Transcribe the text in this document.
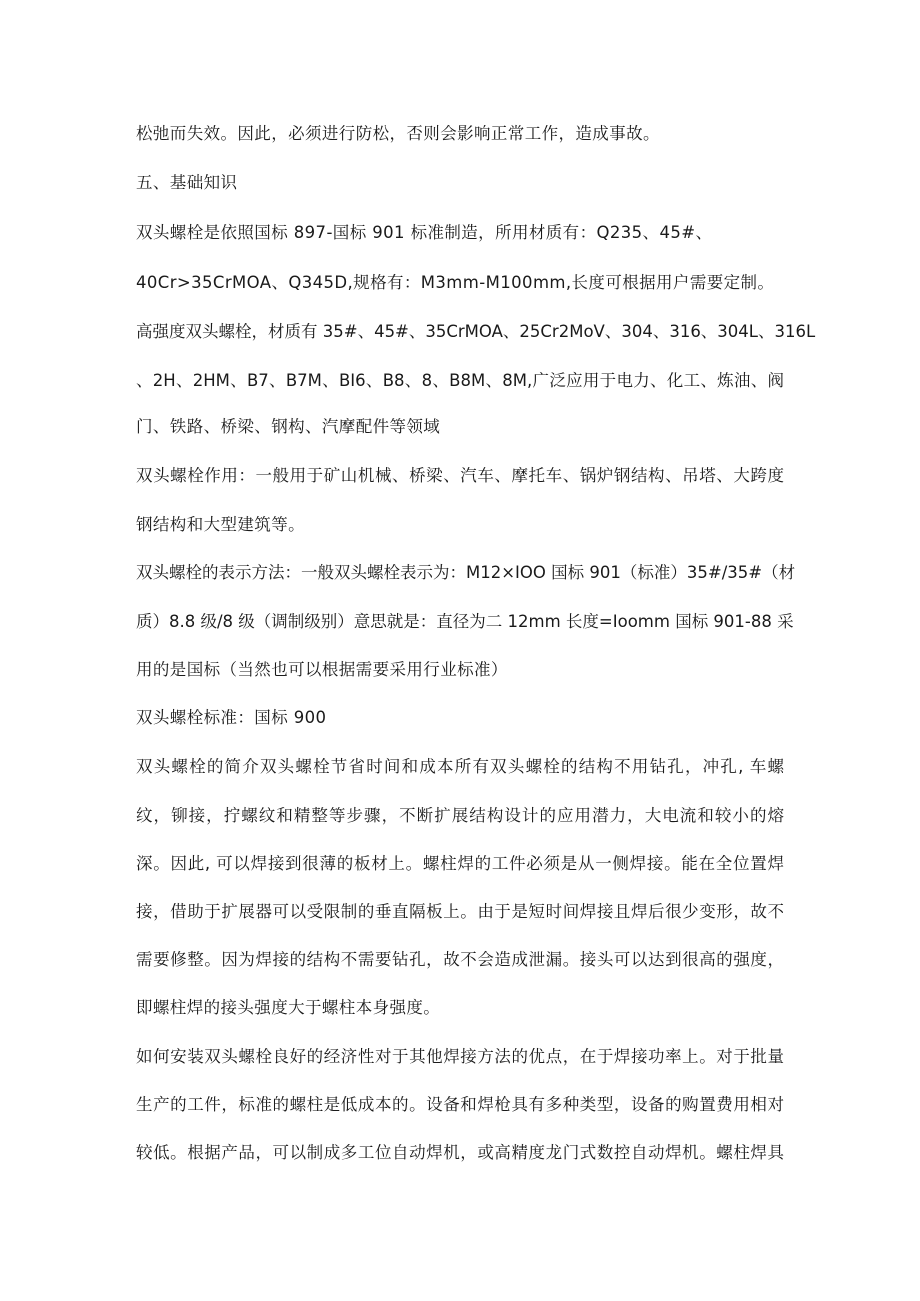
松弛而失效。因此，必须进行防松，否则会影响正常工作，造成事故。
五、基础知识
双头螺栓是依照国标 897-国标 901 标准制造，所用材质有：Q235、45#、
40Cr>35CrMOA、Q345D,规格有：M3mm-M100mm,长度可根据用户需要定制。
高强度双头螺栓，材质有 35#、45#、35CrMOA、25Cr2MoV、304、316、304L、316L
、2H、2HM、B7、B7M、BI6、B8、8、B8M、8M,广泛应用于电力、化工、炼油、阀
门、铁路、桥梁、钢构、汽摩配件等领域
双头螺栓作用：一般用于矿山机械、桥梁、汽车、摩托车、锅炉钢结构、吊塔、大跨度
钢结构和大型建筑等。
双头螺栓的表示方法：一般双头螺栓表示为：M12×IOO 国标 901（标准）35#/35#（材
质）8.8 级/8 级（调制级别）意思就是：直径为二 12mm 长度=Ioomm 国标 901-88 采
用的是国标（当然也可以根据需要采用行业标准）
双头螺栓标准：国标 900
双头螺栓的简介双头螺栓节省时间和成本所有双头螺栓的结构不用钻孔，冲孔, 车螺
纹，铆接，拧螺纹和精整等步骤，不断扩展结构设计的应用潜力，大电流和较小的熔
深。因此, 可以焊接到很薄的板材上。螺柱焊的工件必须是从一侧焊接。能在全位置焊
接，借助于扩展器可以受限制的垂直隔板上。由于是短时间焊接且焊后很少变形，故不
需要修整。因为焊接的结构不需要钻孔，故不会造成泄漏。接头可以达到很高的强度，
即螺柱焊的接头强度大于螺柱本身强度。
如何安装双头螺栓良好的经济性对于其他焊接方法的优点，在于焊接功率上。对于批量
生产的工件，标准的螺柱是低成本的。设备和焊枪具有多种类型，设备的购置费用相对
较低。根据产品，可以制成多工位自动焊机，或高精度龙门式数控自动焊机。螺柱焊具
